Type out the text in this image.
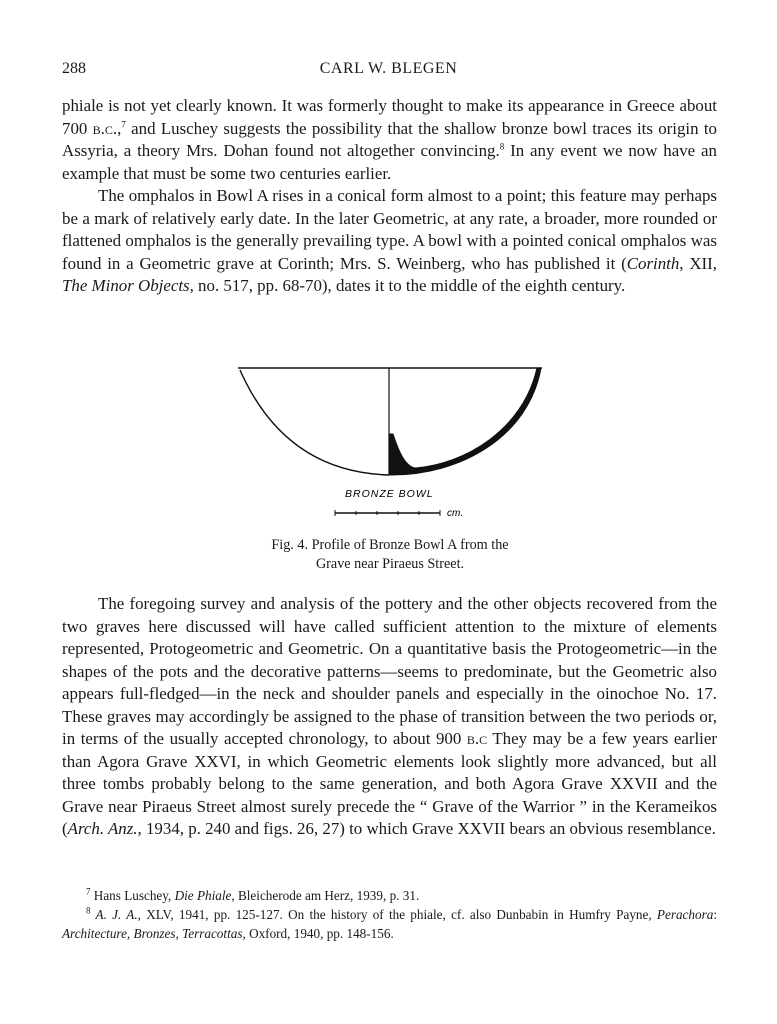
288	CARL W. BLEGEN

phiale is not yet clearly known. It was formerly thought to make its appearance in Greece about 700 b.c.,$^7$ and Luschey suggests the possibility that the shallow bronze bowl traces its origin to Assyria, a theory Mrs. Dohan found not altogether convincing.$^8$ In any event we now have an example that must be some two centuries earlier.

The omphalos in Bowl A rises in a conical form almost to a point; this feature may perhaps be a mark of relatively early date. In the later Geometric, at any rate, a broader, more rounded or flattened omphalos is the generally prevailing type. A bowl with a pointed conical omphalos was found in a Geometric grave at Corinth; Mrs. S. Weinberg, who has published it (Corinth, XII, The Minor Objects, no. 517, pp. 68-70), dates it to the middle of the eighth century.

BRONZE BOWL
cm.
Fig. 4. Profile of Bronze Bowl A from the
Grave near Piraeus Street.

The foregoing survey and analysis of the pottery and the other objects recovered from the two graves here discussed will have called sufficient attention to the mixture of elements represented, Protogeometric and Geometric. On a quantitative basis the Protogeometric—in the shapes of the pots and the decorative patterns—seems to predominate, but the Geometric also appears full-fledged—in the neck and shoulder panels and especially in the oinochoe No. 17. These graves may accordingly be assigned to the phase of transition between the two periods or, in terms of the usually accepted chronology, to about 900 b.c They may be a few years earlier than Agora Grave XXVI, in which Geometric elements look slightly more advanced, but all three tombs probably belong to the same generation, and both Agora Grave XXVII and the Grave near Piraeus Street almost surely precede the “ Grave of the Warrior ” in the Kerameikos (Arch. Anz., 1934, p. 240 and figs. 26, 27) to which Grave XXVII bears an obvious resemblance.

$^7$ Hans Luschey, Die Phiale, Bleicherode am Herz, 1939, p. 31.

$^8$ A. J. A., XLV, 1941, pp. 125-127. On the history of the phiale, cf. also Dunbabin in Humfry Payne, Perachora: Architecture, Bronzes, Terracottas, Oxford, 1940, pp. 148-156.
